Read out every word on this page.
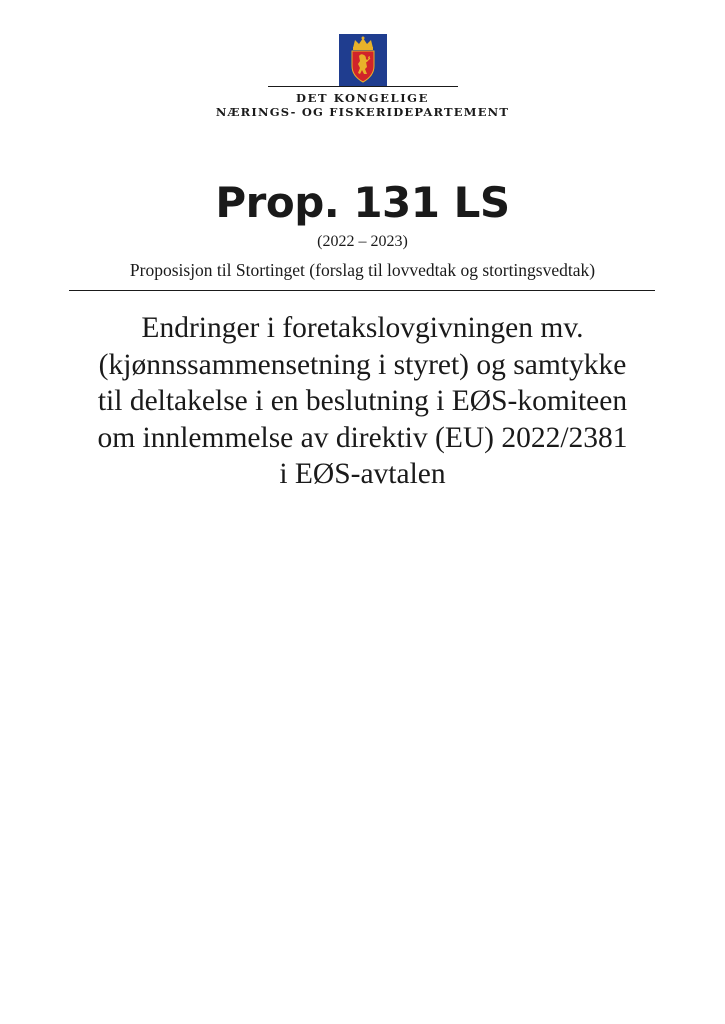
DET KONGELIGE
NÆRINGS- OG FISKERIDEPARTEMENT
Prop. 131 LS
(2022 – 2023)
Proposisjon til Stortinget (forslag til lovvedtak og stortingsvedtak)
Endringer i foretakslovgivningen mv.
(kjønnssammensetning i styret) og samtykke
til deltakelse i en beslutning i EØS-komiteen
om innlemmelse av direktiv (EU) 2022/2381
i EØS-avtalen
